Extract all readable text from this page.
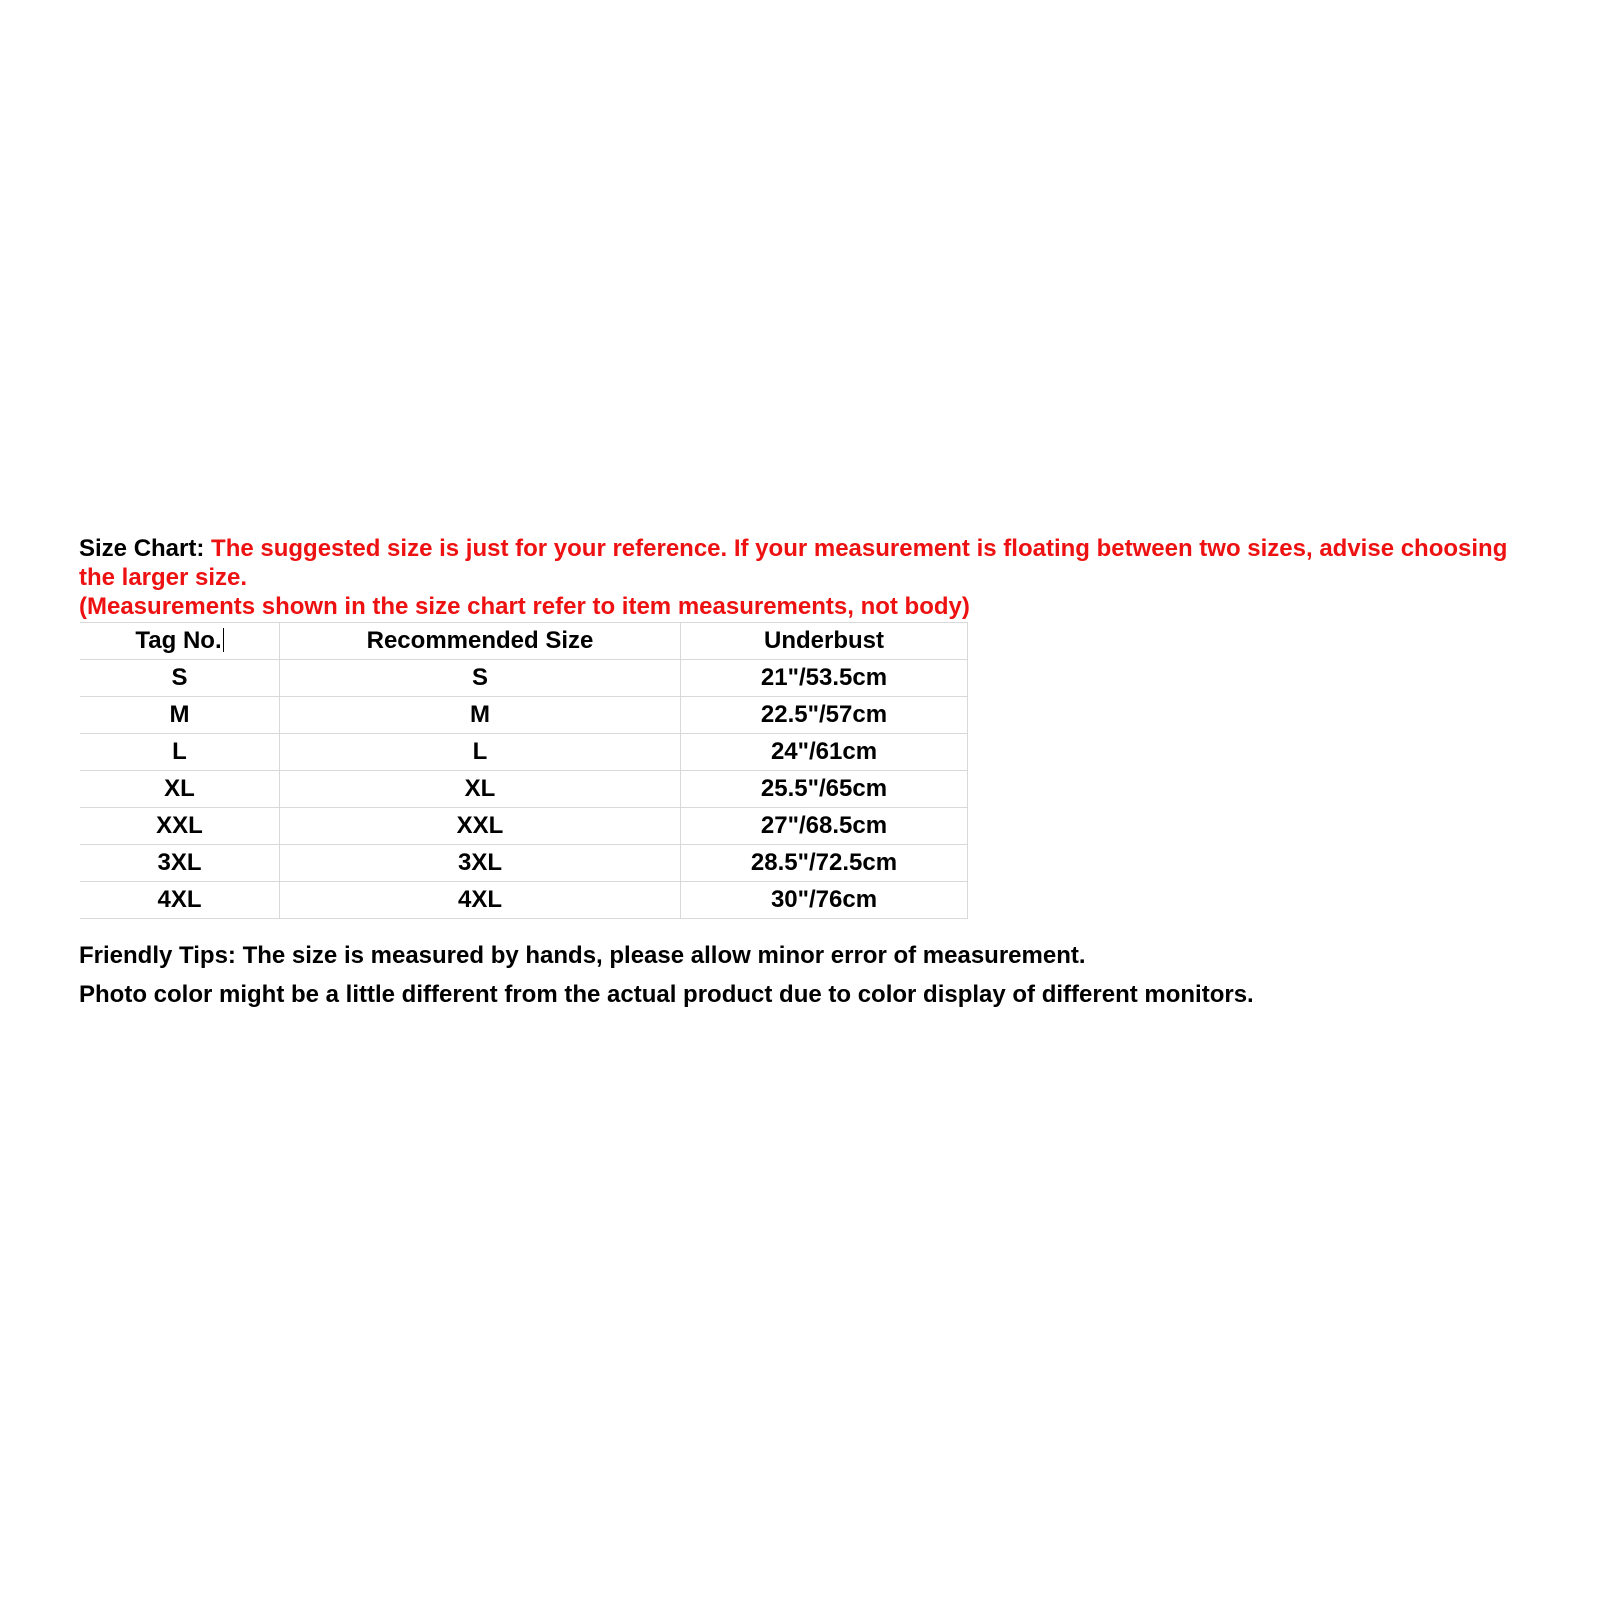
Size Chart: The suggested size is just for your reference. If your measurement is floating between two sizes, advise choosing the larger size.
(Measurements shown in the size chart refer to item measurements, not body)

Tag No.	Recommended Size	Underbust
S	S	21"/53.5cm
M	M	22.5"/57cm
L	L	24"/61cm
XL	XL	25.5"/65cm
XXL	XXL	27"/68.5cm
3XL	3XL	28.5"/72.5cm
4XL	4XL	30"/76cm

Friendly Tips: The size is measured by hands, please allow minor error of measurement.

Photo color might be a little different from the actual product due to color display of different monitors.
